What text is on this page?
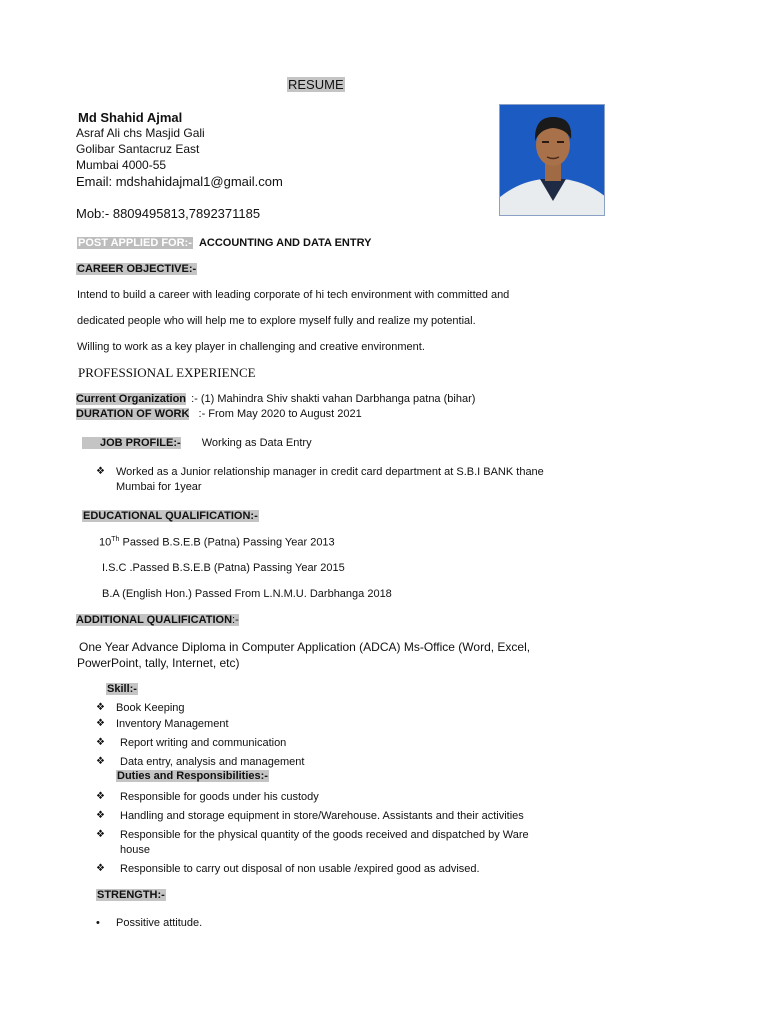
RESUME
Md Shahid Ajmal
Asraf Ali chs Masjid Gali
Golibar Santacruz East
Mumbai 4000-55
Email: mdshahidajmal1@gmail.com
Mob:- 8809495813,7892371185
POST APPLIED FOR:- ACCOUNTING AND DATA ENTRY
CAREER OBJECTIVE:-
Intend to build a career with leading corporate of hi tech environment with committed and
dedicated people who will help me to explore myself fully and realize my potential.
Willing to work as a key player in challenging and creative environment.
PROFESSIONAL EXPERIENCE
Current Organization :- (1) Mahindra Shiv shakti vahan Darbhanga patna (bihar)
DURATION OF WORK :- From May 2020 to August 2021
JOB PROFILE:- Working as Data Entry
❖ Worked as a Junior relationship manager in credit card department at S.B.I BANK thane
Mumbai for 1year
EDUCATIONAL QUALIFICATION:-
10Th Passed B.S.E.B (Patna) Passing Year 2013
I.S.C .Passed B.S.E.B (Patna) Passing Year 2015
B.A (English Hon.) Passed From L.N.M.U. Darbhanga 2018
ADDITIONAL QUALIFICATION:-
One Year Advance Diploma in Computer Application (ADCA) Ms-Office (Word, Excel,
PowerPoint, tally, Internet, etc)
Skill:-
❖ Book Keeping
❖ Inventory Management
❖ Report writing and communication
❖ Data entry, analysis and management
Duties and Responsibilities:-
❖ Responsible for goods under his custody
❖ Handling and storage equipment in store/Warehouse. Assistants and their activities
❖ Responsible for the physical quantity of the goods received and dispatched by Ware
house
❖ Responsible to carry out disposal of non usable /expired good as advised.
STRENGTH:-
• Possitive attitude.
